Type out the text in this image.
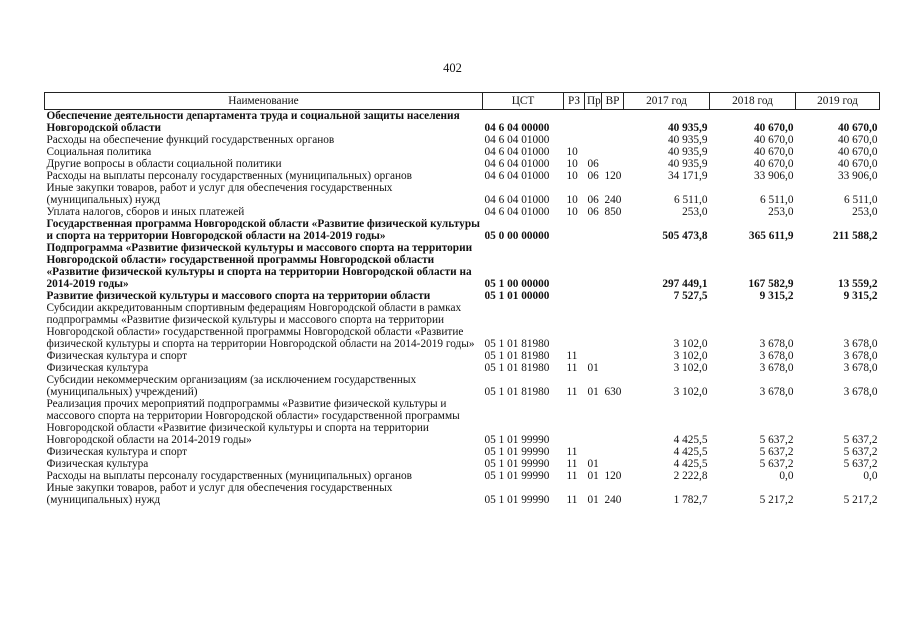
402
Наименование	ЦСТ	РЗ	Пр	ВР	2017 год	2018 год	2019 год
Обеспечение деятельности департамента труда и социальной защиты населения Новгородской области	04 6 04 00000				40 935,9	40 670,0	40 670,0
Расходы на обеспечение функций государственных органов	04 6 04 01000				40 935,9	40 670,0	40 670,0
Социальная политика	04 6 04 01000	10			40 935,9	40 670,0	40 670,0
Другие вопросы в области социальной политики	04 6 04 01000	10	06		40 935,9	40 670,0	40 670,0
Расходы на выплаты персоналу государственных (муниципальных) органов	04 6 04 01000	10	06	120	34 171,9	33 906,0	33 906,0
Иные закупки товаров, работ и услуг для обеспечения государственных (муниципальных) нужд	04 6 04 01000	10	06	240	6 511,0	6 511,0	6 511,0
Уплата налогов, сборов и иных платежей	04 6 04 01000	10	06	850	253,0	253,0	253,0
Государственная программа Новгородской области «Развитие физической культуры и спорта на территории Новгородской области на 2014-2019 годы»	05 0 00 00000				505 473,8	365 611,9	211 588,2
Подпрограмма «Развитие физической культуры и массового спорта на территории Новгородской области» государственной программы Новгородской области «Развитие физической культуры и спорта на территории Новгородской области на 2014-2019 годы»	05 1 00 00000				297 449,1	167 582,9	13 559,2
Развитие физической культуры и массового спорта на территории области	05 1 01 00000				7 527,5	9 315,2	9 315,2
Субсидии аккредитованным спортивным федерациям Новгородской области в рамках подпрограммы «Развитие физической культуры и массового спорта на территории Новгородской области» государственной программы Новгородской области «Развитие физической культуры и спорта на территории Новгородской области на 2014-2019 годы»	05 1 01 81980				3 102,0	3 678,0	3 678,0
Физическая культура и спорт	05 1 01 81980	11			3 102,0	3 678,0	3 678,0
Физическая культура	05 1 01 81980	11	01		3 102,0	3 678,0	3 678,0
Субсидии некоммерческим организациям (за исключением государственных (муниципальных) учреждений)	05 1 01 81980	11	01	630	3 102,0	3 678,0	3 678,0
Реализация прочих мероприятий подпрограммы «Развитие физической культуры и массового спорта на территории Новгородской области» государственной программы Новгородской области «Развитие физической культуры и спорта на территории Новгородской области на 2014-2019 годы»	05 1 01 99990				4 425,5	5 637,2	5 637,2
Физическая культура и спорт	05 1 01 99990	11			4 425,5	5 637,2	5 637,2
Физическая культура	05 1 01 99990	11	01		4 425,5	5 637,2	5 637,2
Расходы на выплаты персоналу государственных (муниципальных) органов	05 1 01 99990	11	01	120	2 222,8	0,0	0,0
Иные закупки товаров, работ и услуг для обеспечения государственных (муниципальных) нужд	05 1 01 99990	11	01	240	1 782,7	5 217,2	5 217,2
